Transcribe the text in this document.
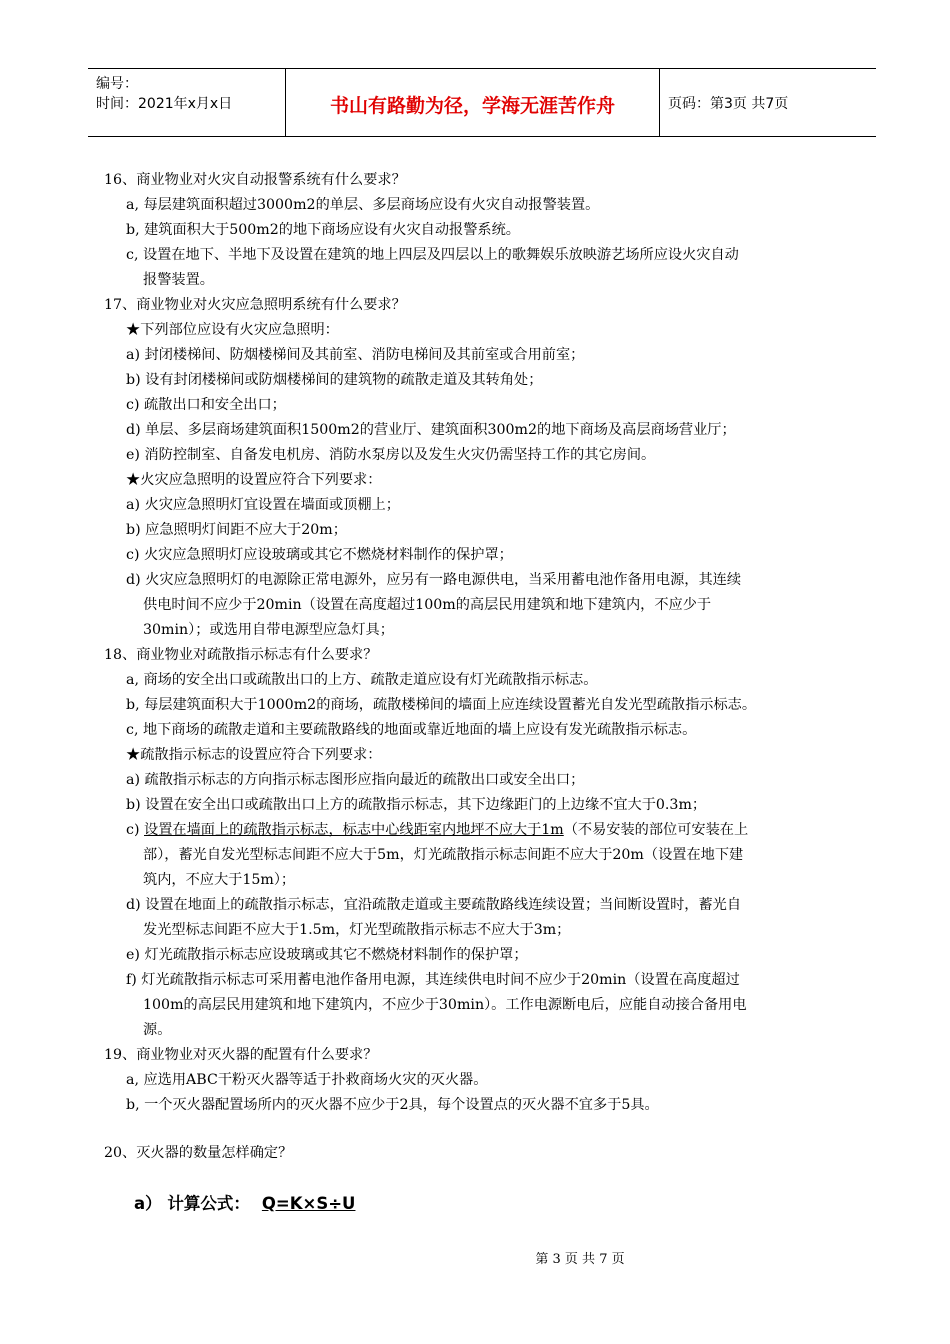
编号：
时间：2021年x月x日	书山有路勤为径，学海无涯苦作舟	页码：第3页 共7页
16、商业物业对火灾自动报警系统有什么要求？
a, 每层建筑面积超过3000m2的单层、多层商场应设有火灾自动报警装置。
b, 建筑面积大于500m2的地下商场应设有火灾自动报警系统。
c, 设置在地下、半地下及设置在建筑的地上四层及四层以上的歌舞娱乐放映游艺场所应设火灾自动
报警装置。
17、商业物业对火灾应急照明系统有什么要求？
★下列部位应设有火灾应急照明：
a) 封闭楼梯间、防烟楼梯间及其前室、消防电梯间及其前室或合用前室；
b) 设有封闭楼梯间或防烟楼梯间的建筑物的疏散走道及其转角处；
c) 疏散出口和安全出口；
d) 单层、多层商场建筑面积1500m2的营业厅、建筑面积300m2的地下商场及高层商场营业厅；
e) 消防控制室、自备发电机房、消防水泵房以及发生火灾仍需坚持工作的其它房间。
★火灾应急照明的设置应符合下列要求：
a) 火灾应急照明灯宜设置在墙面或顶棚上；
b) 应急照明灯间距不应大于20m；
c) 火灾应急照明灯应设玻璃或其它不燃烧材料制作的保护罩；
d) 火灾应急照明灯的电源除正常电源外，应另有一路电源供电，当采用蓄电池作备用电源，其连续
供电时间不应少于20min（设置在高度超过100m的高层民用建筑和地下建筑内，不应少于
30min）；或选用自带电源型应急灯具；
18、商业物业对疏散指示标志有什么要求？
a, 商场的安全出口或疏散出口的上方、疏散走道应设有灯光疏散指示标志。
b, 每层建筑面积大于1000m2的商场，疏散楼梯间的墙面上应连续设置蓄光自发光型疏散指示标志。
c, 地下商场的疏散走道和主要疏散路线的地面或靠近地面的墙上应设有发光疏散指示标志。
★疏散指示标志的设置应符合下列要求：
a) 疏散指示标志的方向指示标志图形应指向最近的疏散出口或安全出口；
b) 设置在安全出口或疏散出口上方的疏散指示标志，其下边缘距门的上边缘不宜大于0.3m；
c) 设置在墙面上的疏散指示标志，标志中心线距室内地坪不应大于1m（不易安装的部位可安装在上
部），蓄光自发光型标志间距不应大于5m，灯光疏散指示标志间距不应大于20m（设置在地下建
筑内，不应大于15m）；
d) 设置在地面上的疏散指示标志，宜沿疏散走道或主要疏散路线连续设置；当间断设置时，蓄光自
发光型标志间距不应大于1.5m，灯光型疏散指示标志不应大于3m；
e) 灯光疏散指示标志应设玻璃或其它不燃烧材料制作的保护罩；
f) 灯光疏散指示标志可采用蓄电池作备用电源，其连续供电时间不应少于20min（设置在高度超过
100m的高层民用建筑和地下建筑内，不应少于30min）。工作电源断电后，应能自动接合备用电
源。
19、商业物业对灭火器的配置有什么要求？
a, 应选用ABC干粉灭火器等适于扑救商场火灾的灭火器。
b, 一个灭火器配置场所内的灭火器不应少于2具，每个设置点的灭火器不宜多于5具。
20、灭火器的数量怎样确定？
a） 计算公式： Q=K×S÷U
第 3 页 共 7 页
